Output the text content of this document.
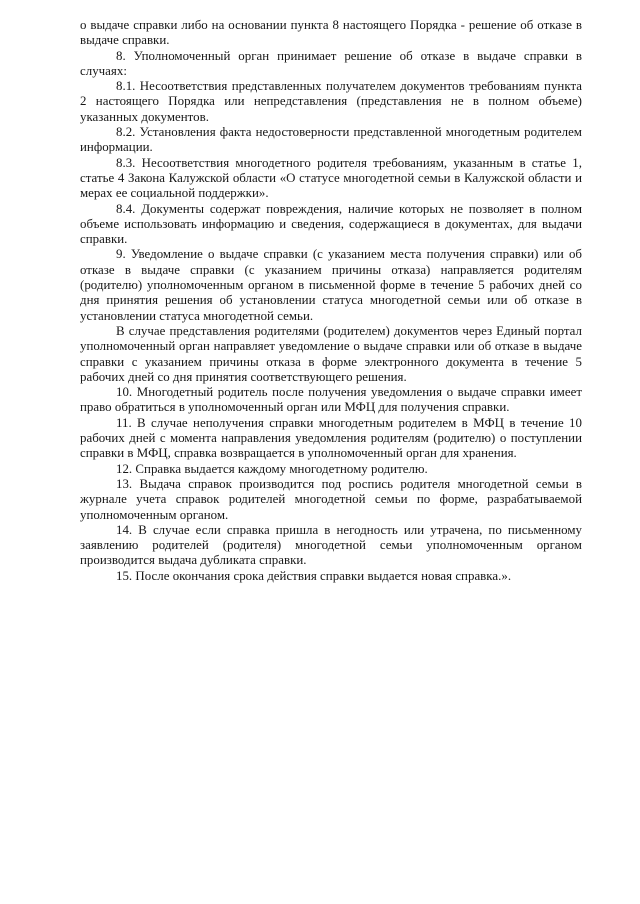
о выдаче справки либо на основании пункта 8 настоящего Порядка - решение об отказе в выдаче справки.

8. Уполномоченный орган принимает решение об отказе в выдаче справки в случаях:

8.1. Несоответствия представленных получателем документов требованиям пункта 2 настоящего Порядка или непредставления (представления не в полном объеме) указанных документов.

8.2. Установления факта недостоверности представленной многодетным родителем информации.

8.3. Несоответствия многодетного родителя требованиям, указанным в статье 1, статье 4 Закона Калужской области «О статусе многодетной семьи в Калужской области и мерах ее социальной поддержки».

8.4. Документы содержат повреждения, наличие которых не позволяет в полном объеме использовать информацию и сведения, содержащиеся в документах, для выдачи справки.

9. Уведомление о выдаче справки (с указанием места получения справки) или об отказе в выдаче справки (с указанием причины отказа) направляется родителям (родителю) уполномоченным органом в письменной форме в течение 5 рабочих дней со дня принятия решения об установлении статуса многодетной семьи или об отказе в установлении статуса многодетной семьи.

В случае представления родителями (родителем) документов через Единый портал уполномоченный орган направляет уведомление о выдаче справки или об отказе в выдаче справки с указанием причины отказа в форме электронного документа в течение 5 рабочих дней со дня принятия соответствующего решения.

10. Многодетный родитель после получения уведомления о выдаче справки имеет право обратиться в уполномоченный орган или МФЦ для получения справки.

11. В случае неполучения справки многодетным родителем в МФЦ в течение 10 рабочих дней с момента направления уведомления родителям (родителю) о поступлении справки в МФЦ, справка возвращается в уполномоченный орган для хранения.

12. Справка выдается каждому многодетному родителю.

13. Выдача справок производится под роспись родителя многодетной семьи в журнале учета справок родителей многодетной семьи по форме, разрабатываемой уполномоченным органом.

14. В случае если справка пришла в негодность или утрачена, по письменному заявлению родителей (родителя) многодетной семьи уполномоченным органом производится выдача дубликата справки.

15. После окончания срока действия справки выдается новая справка.».
